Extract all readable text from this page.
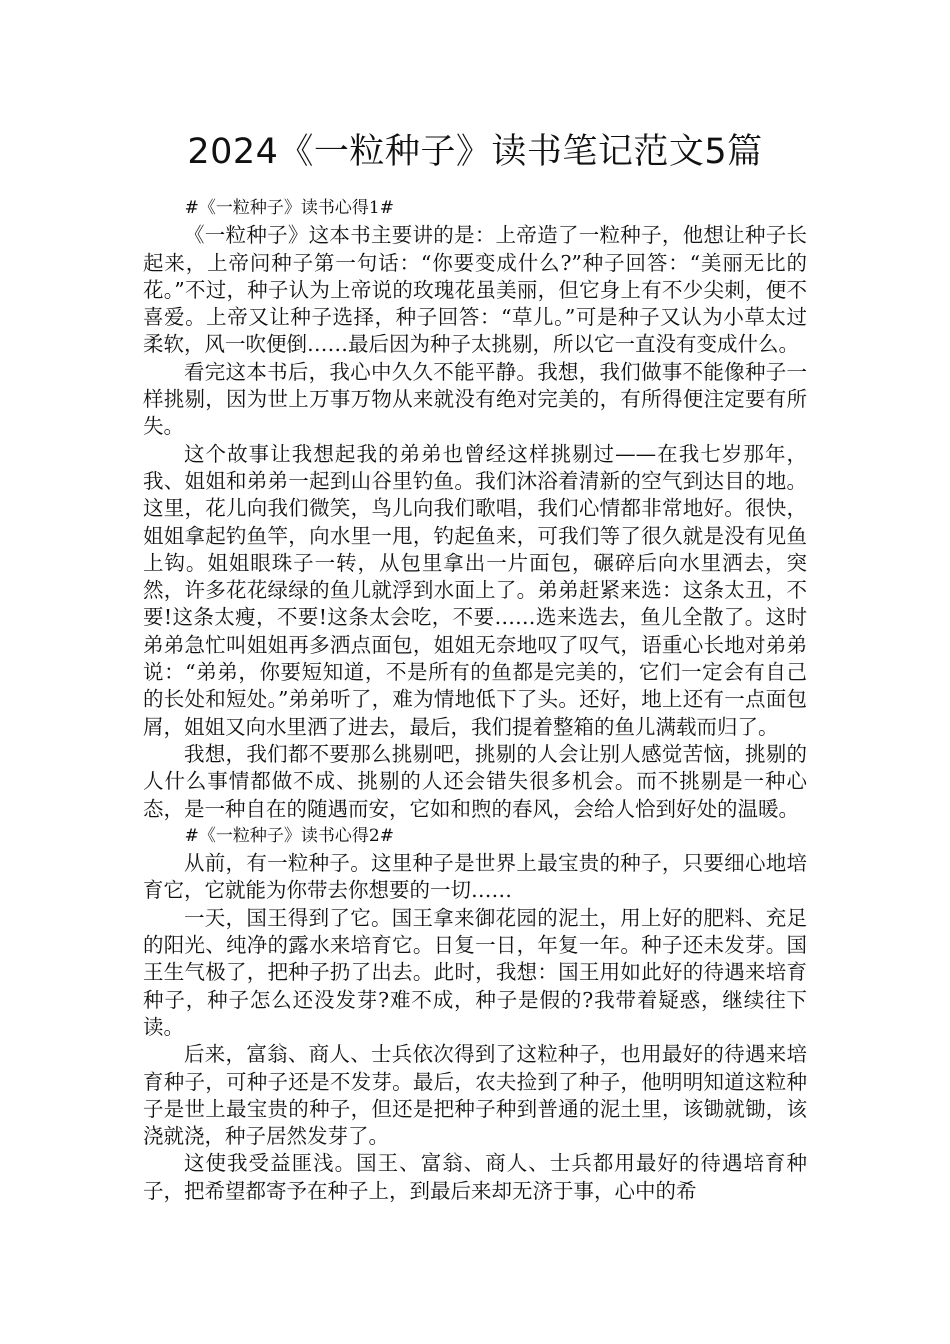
2024《一粒种子》读书笔记范文5篇

#《一粒种子》读书心得1#

《一粒种子》这本书主要讲的是：上帝造了一粒种子，他想让种子长起来，上帝问种子第一句话：“你要变成什么?”种子回答：“美丽无比的花。”不过，种子认为上帝说的玫瑰花虽美丽，但它身上有不少尖刺，便不喜爱。上帝又让种子选择，种子回答：“草儿。”可是种子又认为小草太过柔软，风一吹便倒……最后因为种子太挑剔，所以它一直没有变成什么。

看完这本书后，我心中久久不能平静。我想，我们做事不能像种子一样挑剔，因为世上万事万物从来就没有绝对完美的，有所得便注定要有所失。

这个故事让我想起我的弟弟也曾经这样挑剔过——在我七岁那年，我、姐姐和弟弟一起到山谷里钓鱼。我们沐浴着清新的空气到达目的地。这里，花儿向我们微笑，鸟儿向我们歌唱，我们心情都非常地好。很快，姐姐拿起钓鱼竿，向水里一甩，钓起鱼来，可我们等了很久就是没有见鱼上钩。姐姐眼珠子一转，从包里拿出一片面包，碾碎后向水里洒去，突然，许多花花绿绿的鱼儿就浮到水面上了。弟弟赶紧来选：这条太丑，不要!这条太瘦，不要!这条太会吃，不要……选来选去，鱼儿全散了。这时弟弟急忙叫姐姐再多洒点面包，姐姐无奈地叹了叹气，语重心长地对弟弟说：“弟弟，你要短知道，不是所有的鱼都是完美的，它们一定会有自己的长处和短处。”弟弟听了，难为情地低下了头。还好，地上还有一点面包屑，姐姐又向水里洒了进去，最后，我们提着整箱的鱼儿满载而归了。

我想，我们都不要那么挑剔吧，挑剔的人会让别人感觉苦恼，挑剔的人什么事情都做不成、挑剔的人还会错失很多机会。而不挑剔是一种心态，是一种自在的随遇而安，它如和煦的春风，会给人恰到好处的温暖。

#《一粒种子》读书心得2#

从前，有一粒种子。这里种子是世界上最宝贵的种子，只要细心地培育它，它就能为你带去你想要的一切……

一天，国王得到了它。国王拿来御花园的泥土，用上好的肥料、充足的阳光、纯净的露水来培育它。日复一日，年复一年。种子还未发芽。国王生气极了，把种子扔了出去。此时，我想：国王用如此好的待遇来培育种子，种子怎么还没发芽?难不成，种子是假的?我带着疑惑，继续往下读。

后来，富翁、商人、士兵依次得到了这粒种子，也用最好的待遇来培育种子，可种子还是不发芽。最后，农夫捡到了种子，他明明知道这粒种子是世上最宝贵的种子，但还是把种子种到普通的泥土里，该锄就锄，该浇就浇，种子居然发芽了。

这使我受益匪浅。国王、富翁、商人、士兵都用最好的待遇培育种子，把希望都寄予在种子上，到最后来却无济于事，心中的希
